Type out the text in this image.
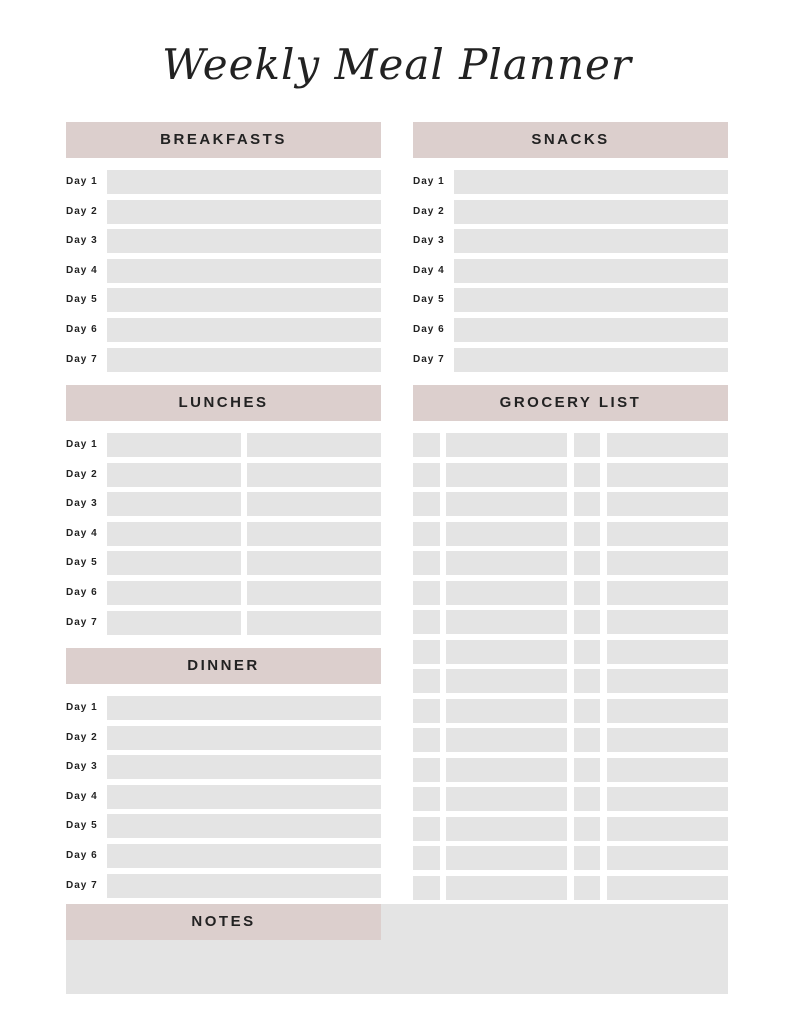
Weekly Meal Planner
BREAKFASTS
Day 1
Day 2
Day 3
Day 4
Day 5
Day 6
Day 7
SNACKS
Day 1
Day 2
Day 3
Day 4
Day 5
Day 6
Day 7
LUNCHES
Day 1
Day 2
Day 3
Day 4
Day 5
Day 6
Day 7
DINNER
Day 1
Day 2
Day 3
Day 4
Day 5
Day 6
Day 7
GROCERY LIST
NOTES
